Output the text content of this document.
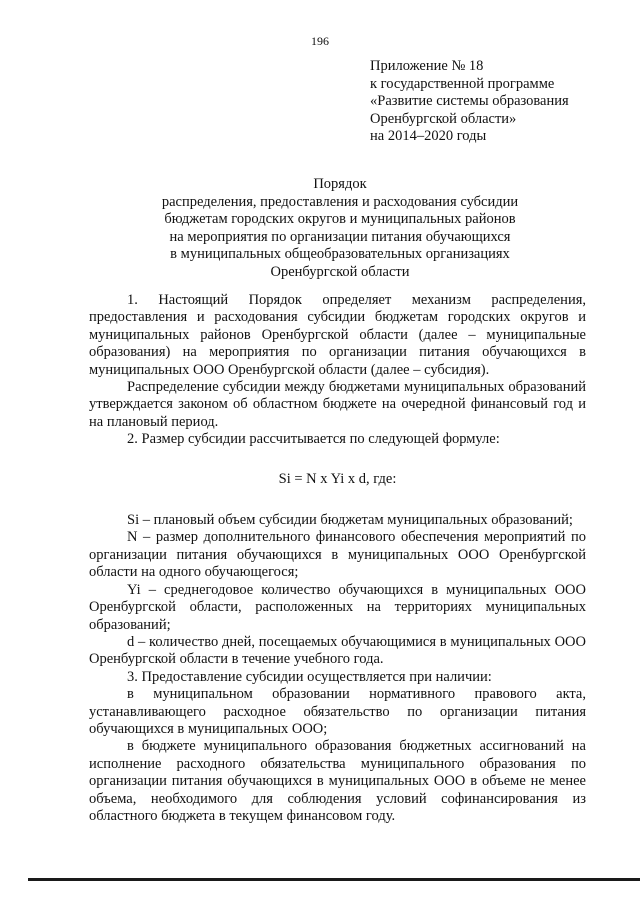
196
Приложение № 18
к государственной программе
«Развитие системы образования
Оренбургской области»
на 2014–2020 годы
Порядок
распределения, предоставления и расходования субсидии
бюджетам городских округов и муниципальных районов
на мероприятия по организации питания обучающихся
в муниципальных общеобразовательных организациях
Оренбургской области

1. Настоящий Порядок определяет механизм распределения, предоставления и расходования субсидии бюджетам городских округов и муниципальных районов Оренбургской области (далее – муниципальные образования) на мероприятия по организации питания обучающихся в муниципальных ООО Оренбургской области (далее – субсидия).

Распределение субсидии между бюджетами муниципальных образований утверждается законом об областном бюджете на очередной финансовый год и на плановый период.

2. Размер субсидии рассчитывается по следующей формуле:

Si = N x Yi x d, где:

Si – плановый объем субсидии бюджетам муниципальных образований;

N – размер дополнительного финансового обеспечения мероприятий по организации питания обучающихся в муниципальных ООО Оренбургской области на одного обучающегося;

Yi – среднегодовое количество обучающихся в муниципальных ООО Оренбургской области, расположенных на территориях муниципальных образований;

d – количество дней, посещаемых обучающимися в муниципальных ООО Оренбургской области в течение учебного года.

3. Предоставление субсидии осуществляется при наличии:

в муниципальном образовании нормативного правового акта, устанавливающего расходное обязательство по организации питания обучающихся в муниципальных ООО;

в бюджете муниципального образования бюджетных ассигнований на исполнение расходного обязательства муниципального образования по организации питания обучающихся в муниципальных ООО в объеме не менее объема, необходимого для соблюдения условий софинансирования из областного бюджета в текущем финансовом году.
